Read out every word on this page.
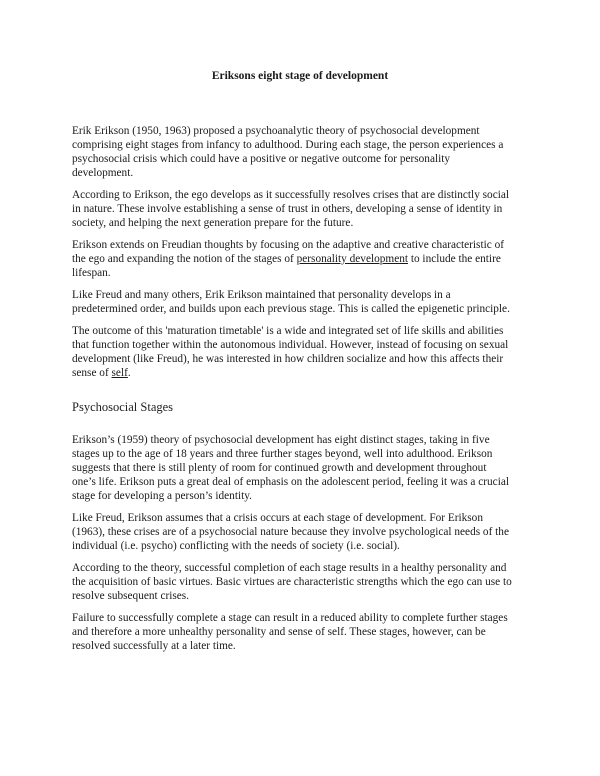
Eriksons eight stage of development

Erik Erikson (1950, 1963) proposed a psychoanalytic theory of psychosocial development
comprising eight stages from infancy to adulthood. During each stage, the person experiences a
psychosocial crisis which could have a positive or negative outcome for personality
development.

According to Erikson, the ego develops as it successfully resolves crises that are distinctly social
in nature. These involve establishing a sense of trust in others, developing a sense of identity in
society, and helping the next generation prepare for the future.

Erikson extends on Freudian thoughts by focusing on the adaptive and creative characteristic of
the ego and expanding the notion of the stages of personality development to include the entire
lifespan.

Like Freud and many others, Erik Erikson maintained that personality develops in a
predetermined order, and builds upon each previous stage. This is called the epigenetic principle.

The outcome of this 'maturation timetable' is a wide and integrated set of life skills and abilities
that function together within the autonomous individual. However, instead of focusing on sexual
development (like Freud), he was interested in how children socialize and how this affects their
sense of self.

Psychosocial Stages

Erikson’s (1959) theory of psychosocial development has eight distinct stages, taking in five
stages up to the age of 18 years and three further stages beyond, well into adulthood. Erikson
suggests that there is still plenty of room for continued growth and development throughout
one’s life. Erikson puts a great deal of emphasis on the adolescent period, feeling it was a crucial
stage for developing a person’s identity.

Like Freud, Erikson assumes that a crisis occurs at each stage of development. For Erikson
(1963), these crises are of a psychosocial nature because they involve psychological needs of the
individual (i.e. psycho) conflicting with the needs of society (i.e. social).

According to the theory, successful completion of each stage results in a healthy personality and
the acquisition of basic virtues. Basic virtues are characteristic strengths which the ego can use to
resolve subsequent crises.

Failure to successfully complete a stage can result in a reduced ability to complete further stages
and therefore a more unhealthy personality and sense of self. These stages, however, can be
resolved successfully at a later time.
